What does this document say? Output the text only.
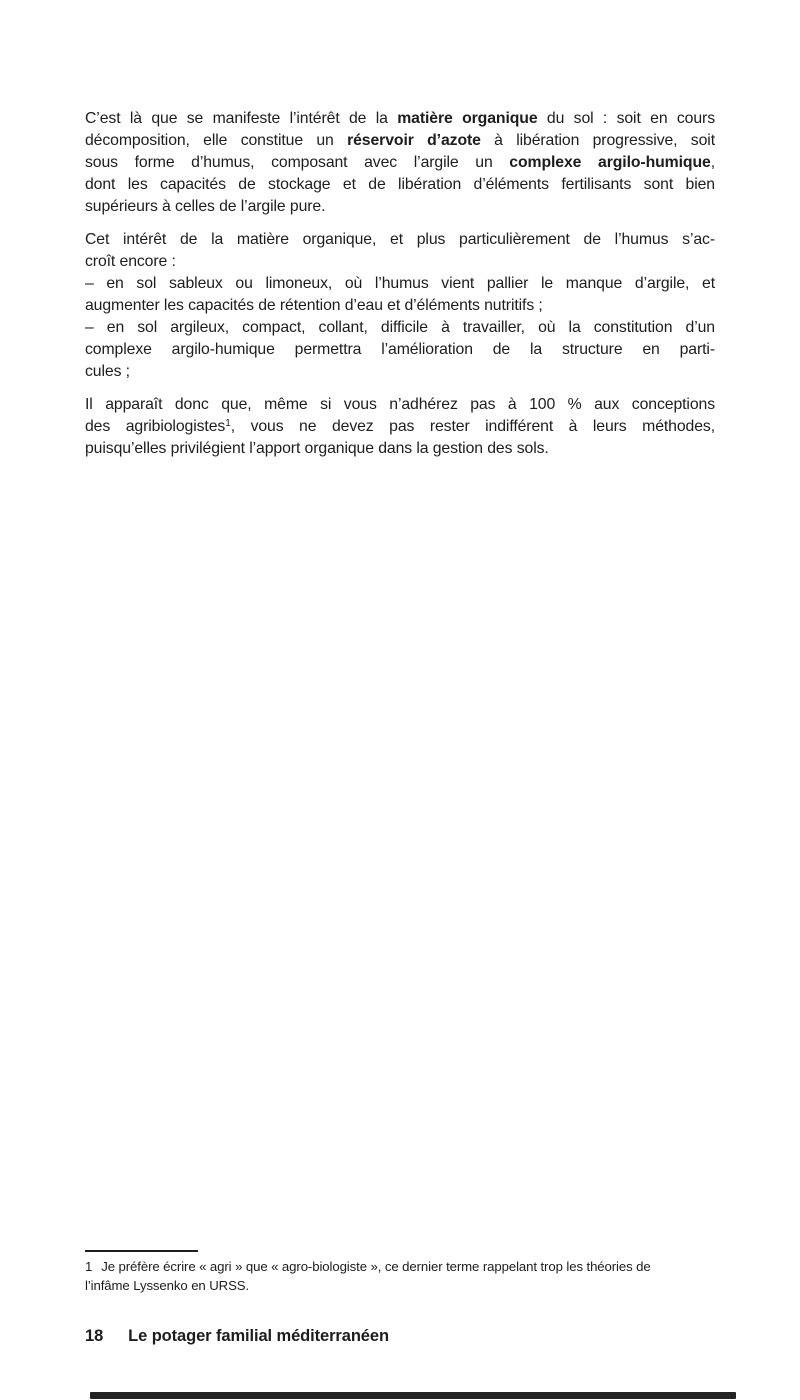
C’est là que se manifeste l’intérêt de la matière organique du sol : soit en cours
décomposition, elle constitue un réservoir d’azote à libération progressive, soit
sous forme d’humus, composant avec l’argile un complexe argilo-humique,
dont les capacités de stockage et de libération d’éléments fertilisants sont bien
supérieurs à celles de l’argile pure.
Cet intérêt de la matière organique, et plus particulièrement de l’humus s’ac-
croît encore :
– en sol sableux ou limoneux, où l’humus vient pallier le manque d’argile, et
augmenter les capacités de rétention d’eau et d’éléments nutritifs ;
– en sol argileux, compact, collant, difficile à travailler, où la constitution d’un
complexe argilo-humique permettra l’amélioration de la structure en parti-
cules ;
Il apparaît donc que, même si vous n’adhérez pas à 100 % aux conceptions
des agribiologistes$^1$, vous ne devez pas rester indifférent à leurs méthodes,
puisqu’elles privilégient l’apport organique dans la gestion des sols.
1 Je préfère écrire « agri » que « agro-biologiste », ce dernier terme rappelant trop les théories de
l’infâme Lyssenko en URSS.
18 Le potager familial méditerranéen
